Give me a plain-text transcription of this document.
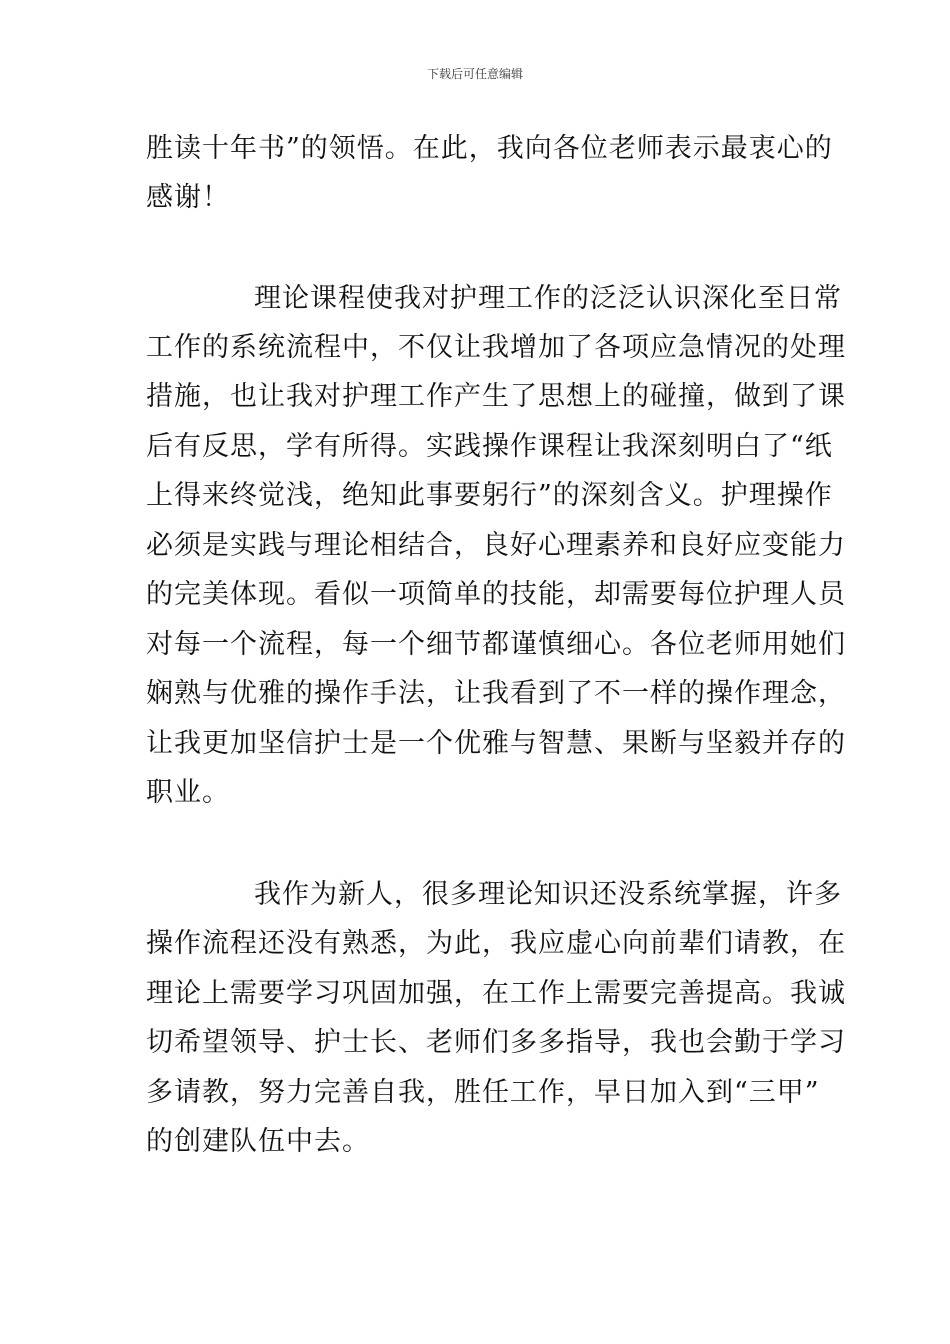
下载后可任意编辑
胜读十年书”的领悟。在此，我向各位老师表示最衷心的
感谢！
理论课程使我对护理工作的泛泛认识深化至日常
工作的系统流程中，不仅让我增加了各项应急情况的处理
措施，也让我对护理工作产生了思想上的碰撞，做到了课
后有反思，学有所得。实践操作课程让我深刻明白了“纸
上得来终觉浅，绝知此事要躬行”的深刻含义。护理操作
必须是实践与理论相结合，良好心理素养和良好应变能力
的完美体现。看似一项简单的技能，却需要每位护理人员
对每一个流程，每一个细节都谨慎细心。各位老师用她们
娴熟与优雅的操作手法，让我看到了不一样的操作理念，
让我更加坚信护士是一个优雅与智慧、果断与坚毅并存的
职业。
我作为新人，很多理论知识还没系统掌握，许多
操作流程还没有熟悉，为此，我应虚心向前辈们请教，在
理论上需要学习巩固加强，在工作上需要完善提高。我诚
切希望领导、护士长、老师们多多指导，我也会勤于学习
多请教，努力完善自我，胜任工作，早日加入到“三甲”
的创建队伍中去。
